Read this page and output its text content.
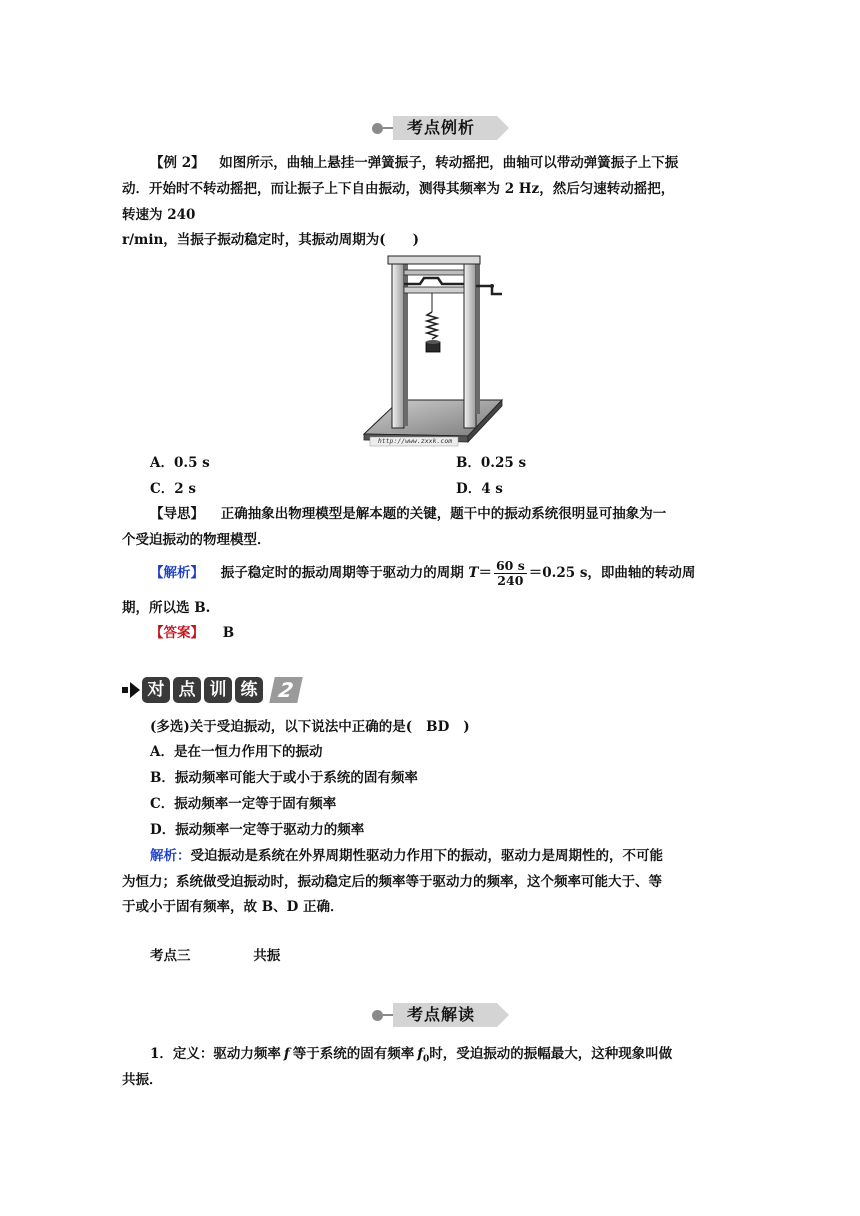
考点例析
【例 2】 如图所示，曲轴上悬挂一弹簧振子，转动摇把，曲轴可以带动弹簧振子上下振
动．开始时不转动摇把，而让振子上下自由振动，测得其频率为 2 Hz，然后匀速转动摇把，
转速为 240
r/min，当振子振动稳定时，其振动周期为(　　)
http://www.zxxk.com
A．0.5 s	B．0.25 s
C．2 s	D．4 s
【导思】 正确抽象出物理模型是解本题的关键，题干中的振动系统很明显可抽象为一
个受迫振动的物理模型．
【解析】 振子稳定时的振动周期等于驱动力的周期 $T= \frac{60 s}{240} =0.25$ s，即曲轴的转动周
期，所以选 B.
【答案】 B
对 点 训 练 2
(多选)关于受迫振动，以下说法中正确的是( BD )
A．是在一恒力作用下的振动
B．振动频率可能大于或小于系统的固有频率
C．振动频率一定等于固有频率
D．振动频率一定等于驱动力的频率
解析：受迫振动是系统在外界周期性驱动力作用下的振动，驱动力是周期性的，不可能
为恒力；系统做受迫振动时，振动稳定后的频率等于驱动力的频率，这个频率可能大于、等
于或小于固有频率，故 B、D 正确．
考点三	共振
考点解读
1．定义：驱动力频率 f 等于系统的固有频率 $f_0$时，受迫振动的振幅最大，这种现象叫做
共振．
